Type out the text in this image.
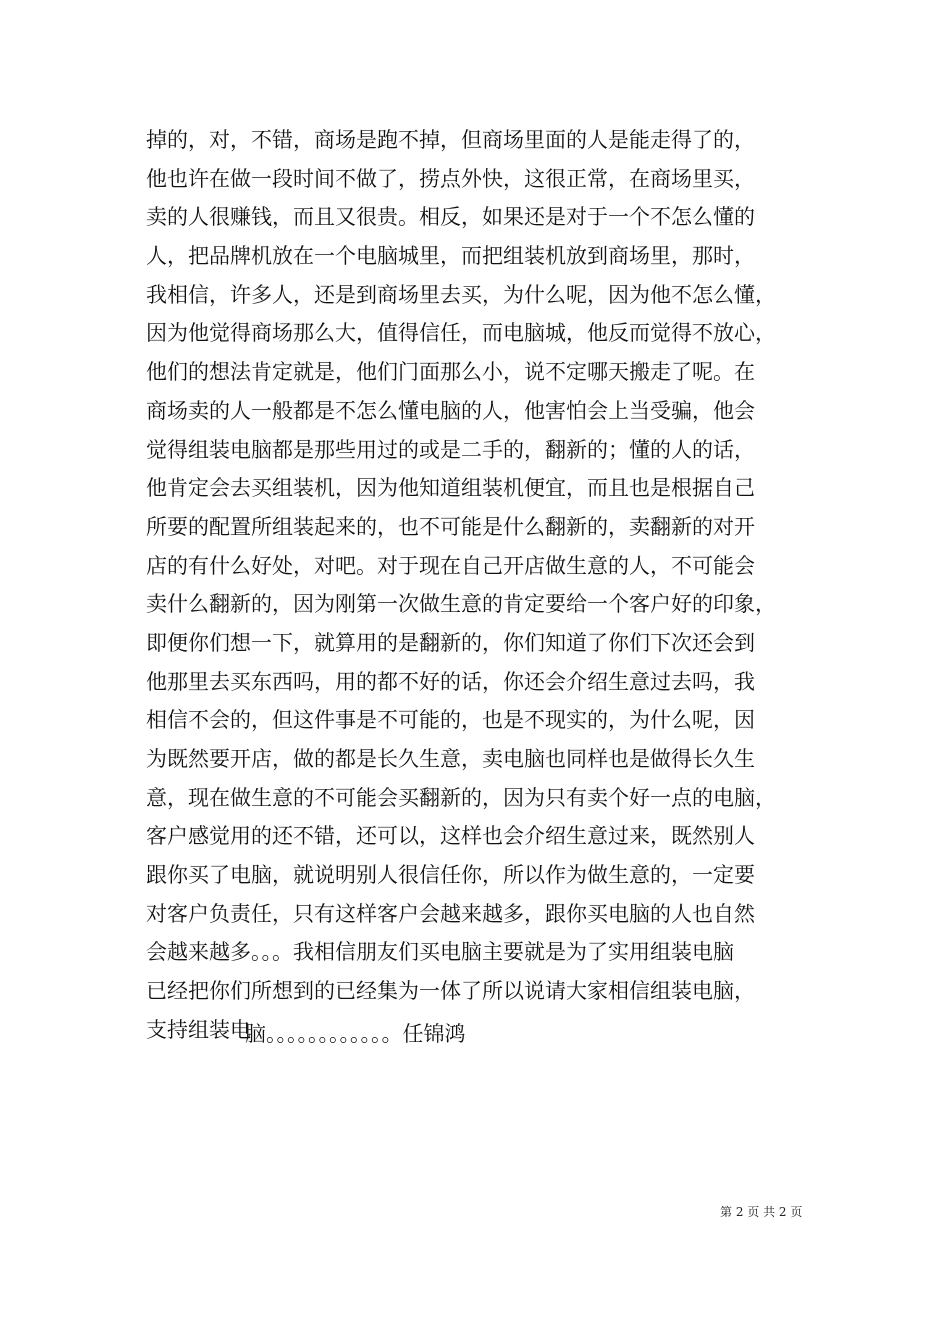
掉的，对，不错，商场是跑不掉，但商场里面的人是能走得了的，
他也许在做一段时间不做了，捞点外快，这很正常，在商场里买，
卖的人很赚钱，而且又很贵。相反，如果还是对于一个不怎么懂的
人，把品牌机放在一个电脑城里，而把组装机放到商场里，那时，
我相信，许多人，还是到商场里去买，为什么呢，因为他不怎么懂，
因为他觉得商场那么大，值得信任，而电脑城，他反而觉得不放心，
他们的想法肯定就是，他们门面那么小，说不定哪天搬走了呢。在
商场卖的人一般都是不怎么懂电脑的人，他害怕会上当受骗，他会
觉得组装电脑都是那些用过的或是二手的，翻新的；懂的人的话，
他肯定会去买组装机，因为他知道组装机便宜，而且也是根据自己
所要的配置所组装起来的，也不可能是什么翻新的，卖翻新的对开
店的有什么好处，对吧。对于现在自己开店做生意的人，不可能会
卖什么翻新的，因为刚第一次做生意的肯定要给一个客户好的印象，
即便你们想一下，就算用的是翻新的，你们知道了你们下次还会到
他那里去买东西吗，用的都不好的话，你还会介绍生意过去吗，我
相信不会的，但这件事是不可能的，也是不现实的，为什么呢，因
为既然要开店，做的都是长久生意，卖电脑也同样也是做得长久生
意，现在做生意的不可能会买翻新的，因为只有卖个好一点的电脑，
客户感觉用的还不错，还可以，这样也会介绍生意过来，既然别人
跟你买了电脑，就说明别人很信任你，所以作为做生意的，一定要
对客户负责任，只有这样客户会越来越多，跟你买电脑的人也自然
会越来越多。。。我相信朋友们买电脑主要就是为了实用组装电脑
已经把你们所想到的已经集为一体了所以说请大家相信组装电脑，
支持组装电
脑。。。。。。。。。。。。任锦鸿
第 2 页 共 2 页
